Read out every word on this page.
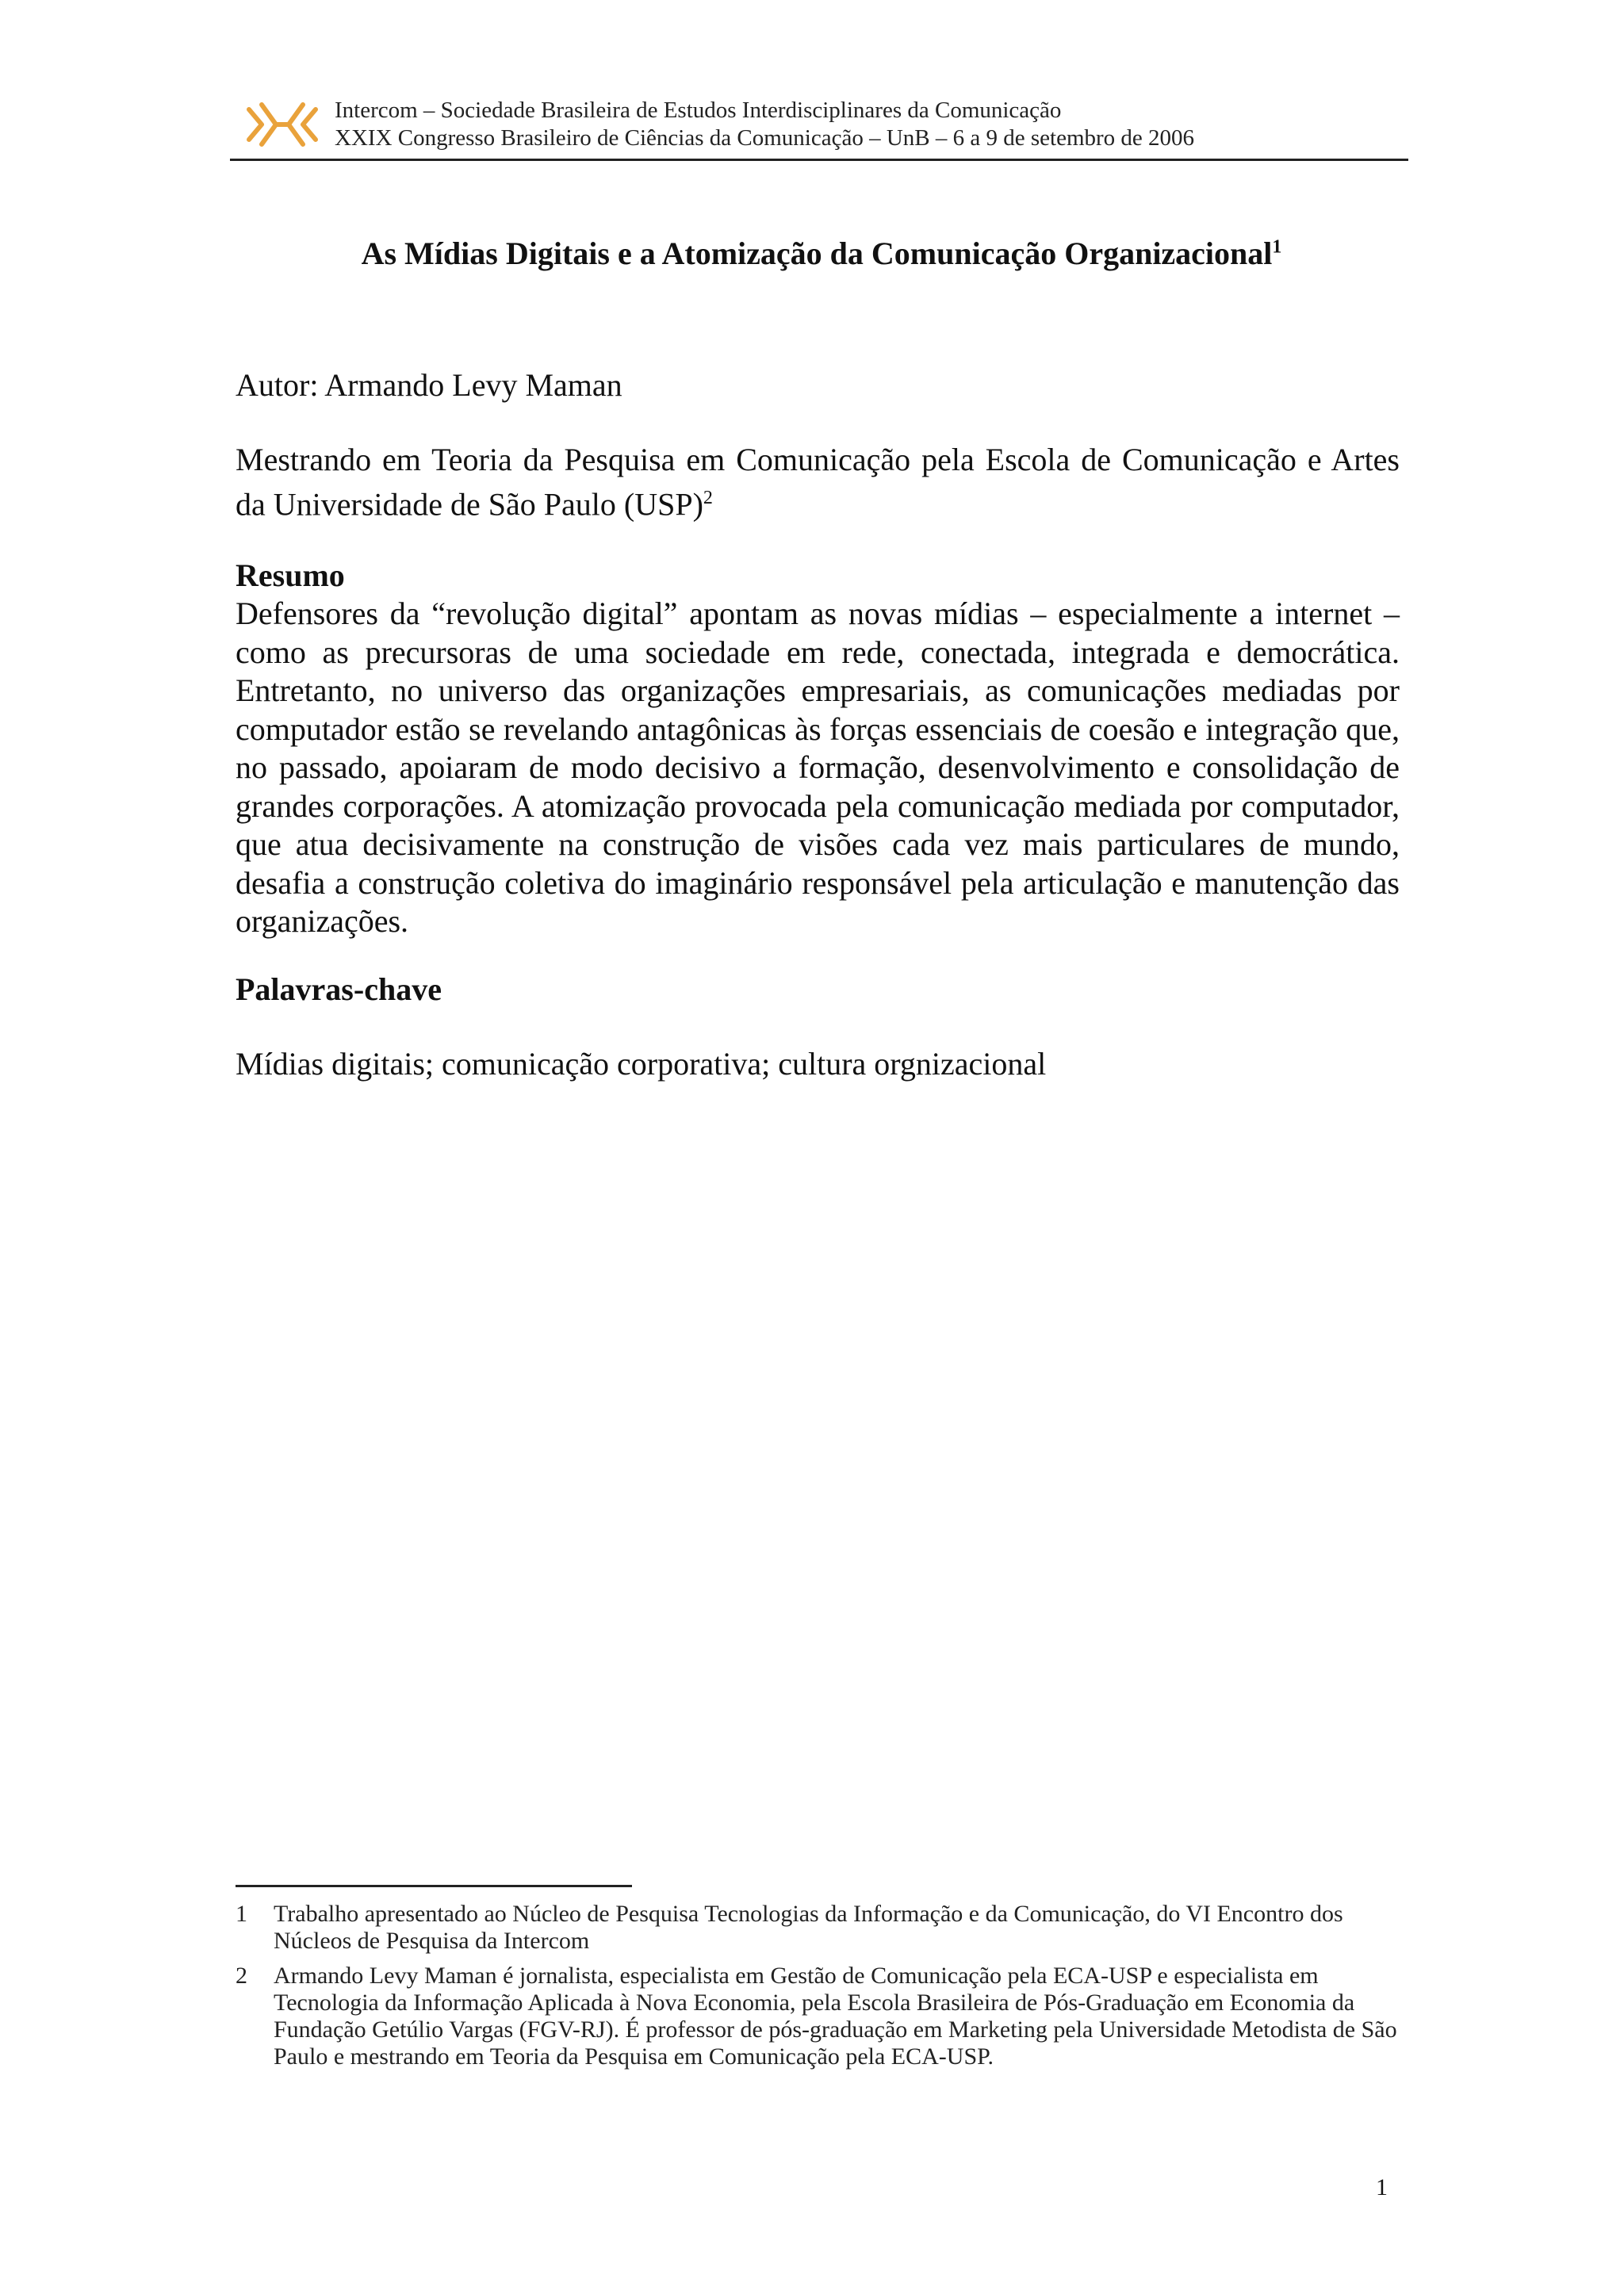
Intercom – Sociedade Brasileira de Estudos Interdisciplinares da Comunicação
XXIX Congresso Brasileiro de Ciências da Comunicação – UnB – 6 a 9 de setembro de 2006
As Mídias Digitais e a Atomização da Comunicação Organizacional$^1$
Autor: Armando Levy Maman
Mestrando em Teoria da Pesquisa em Comunicação pela Escola de Comunicação e Artes da Universidade de São Paulo (USP)$^2$
Resumo
Defensores da “revolução digital” apontam as novas mídias – especialmente a internet – como as precursoras de uma sociedade em rede, conectada, integrada e democrática. Entretanto, no universo das organizações empresariais, as comunicações mediadas por computador estão se revelando antagônicas às forças essenciais de coesão e integração que, no passado, apoiaram de modo decisivo a formação, desenvolvimento e consolidação de grandes corporações. A atomização provocada pela comunicação mediada por computador, que atua decisivamente na construção de visões cada vez mais particulares de mundo, desafia a construção coletiva do imaginário responsável pela articulação e manutenção das organizações.
Palavras-chave
Mídias digitais; comunicação corporativa; cultura orgnizacional
1	Trabalho apresentado ao Núcleo de Pesquisa Tecnologias da Informação e da Comunicação, do VI Encontro dos Núcleos de Pesquisa da Intercom
2	Armando Levy Maman é jornalista, especialista em Gestão de Comunicação pela ECA-USP e especialista em Tecnologia da Informação Aplicada à Nova Economia, pela Escola Brasileira de Pós-Graduação em Economia da Fundação Getúlio Vargas (FGV-RJ). É professor de pós-graduação em Marketing pela Universidade Metodista de São Paulo e mestrando em Teoria da Pesquisa em Comunicação pela ECA-USP.
1
